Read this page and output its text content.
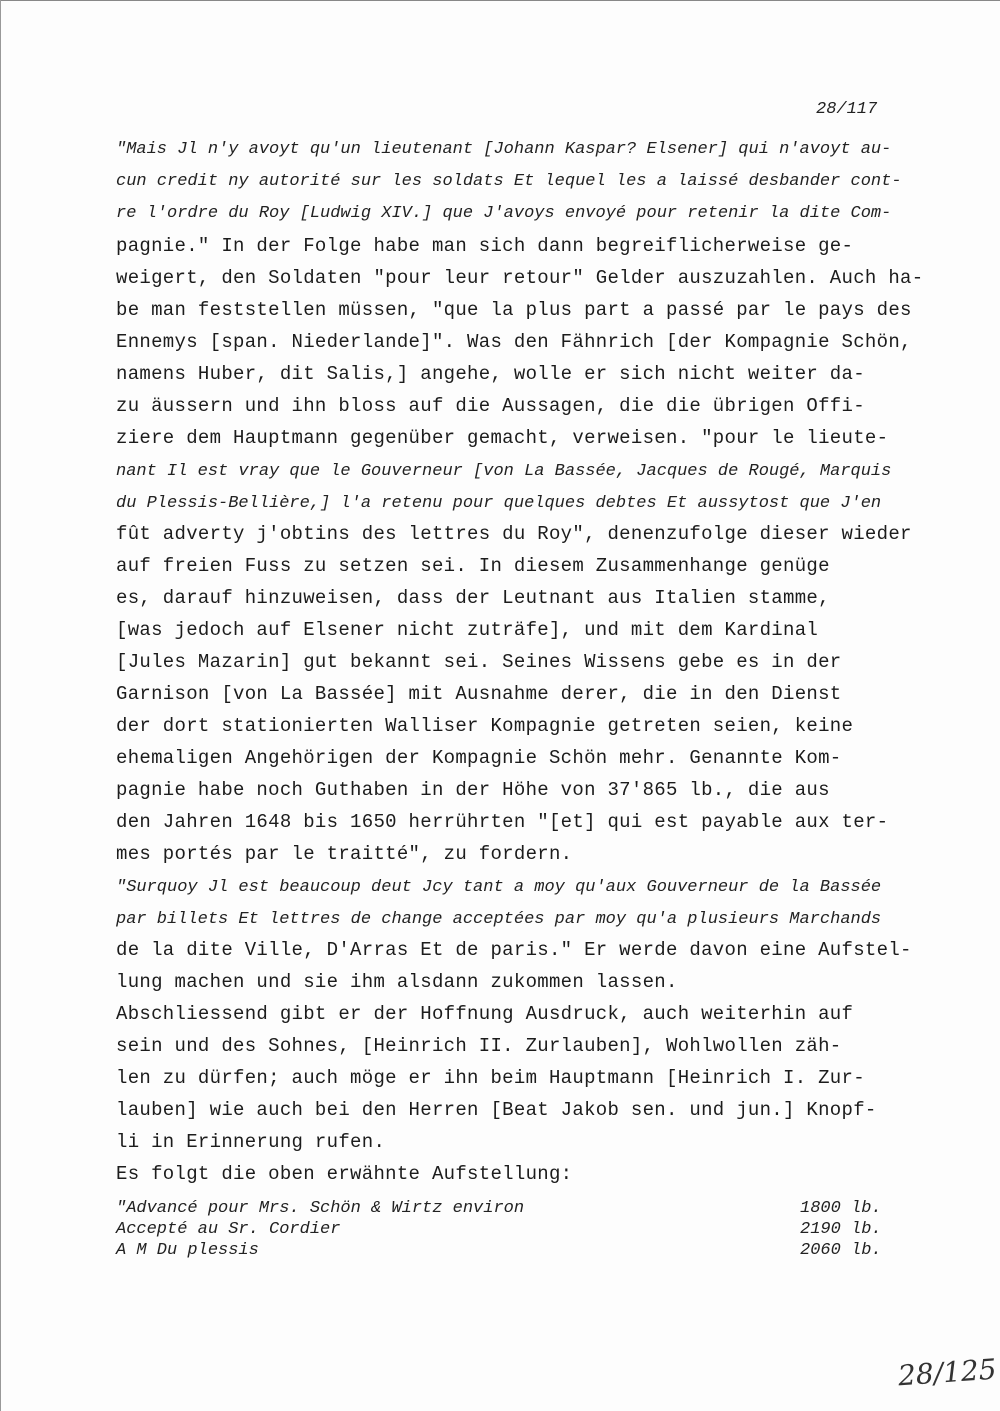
28/117
"Mais Jl n'y avoyt qu'un lieutenant [Johann Kaspar? Elsener] qui n'avoyt au-
cun credit ny autorité sur les soldats Et lequel les a laissé desbander cont-
re l'ordre du Roy [Ludwig XIV.] que J'avoys envoyé pour retenir la dite Com-
pagnie." In der Folge habe man sich dann begreiflicherweise ge-
weigert, den Soldaten "pour leur retour" Gelder auszuzahlen. Auch ha-
be man feststellen müssen, "que la plus part a passé par le pays des
Ennemys [span. Niederlande]". Was den Fähnrich [der Kompagnie Schön,
namens Huber, dit Salis,] angehe, wolle er sich nicht weiter da-
zu äussern und ihn bloss auf die Aussagen, die die übrigen Offi-
ziere dem Hauptmann gegenüber gemacht, verweisen. "pour le lieute-
nant Il est vray que le Gouverneur [von La Bassée, Jacques de Rougé, Marquis
du Plessis-Bellière,] l'a retenu pour quelques debtes Et aussytost que J'en
fût adverty j'obtins des lettres du Roy", denenzufolge dieser wieder
auf freien Fuss zu setzen sei. In diesem Zusammenhange genüge
es, darauf hinzuweisen, dass der Leutnant aus Italien stamme,
[was jedoch auf Elsener nicht zuträfe], und mit dem Kardinal
[Jules Mazarin] gut bekannt sei. Seines Wissens gebe es in der
Garnison [von La Bassée] mit Ausnahme derer, die in den Dienst
der dort stationierten Walliser Kompagnie getreten seien, keine
ehemaligen Angehörigen der Kompagnie Schön mehr. Genannte Kom-
pagnie habe noch Guthaben in der Höhe von 37'865 lb., die aus
den Jahren 1648 bis 1650 herrührten "[et] qui est payable aux ter-
mes portés par le traitté", zu fordern.
"Surquoy Jl est beaucoup deut Jcy tant a moy qu'aux Gouverneur de la Bassée
par billets Et lettres de change acceptées par moy qu'a plusieurs Marchands
de la dite Ville, D'Arras Et de paris." Er werde davon eine Aufstel-
lung machen und sie ihm alsdann zukommen lassen.
Abschliessend gibt er der Hoffnung Ausdruck, auch weiterhin auf
sein und des Sohnes, [Heinrich II. Zurlauben], Wohlwollen zäh-
len zu dürfen; auch möge er ihn beim Hauptmann [Heinrich I. Zur-
lauben] wie auch bei den Herren [Beat Jakob sen. und jun.] Knopf-
li in Erinnerung rufen.
Es folgt die oben erwähnte Aufstellung:
"Advancé pour Mrs. Schön & Wirtz environ	1800 lb.
Accepté au Sr. Cordier	2190 lb.
A M Du plessis	2060 lb.
28/125
